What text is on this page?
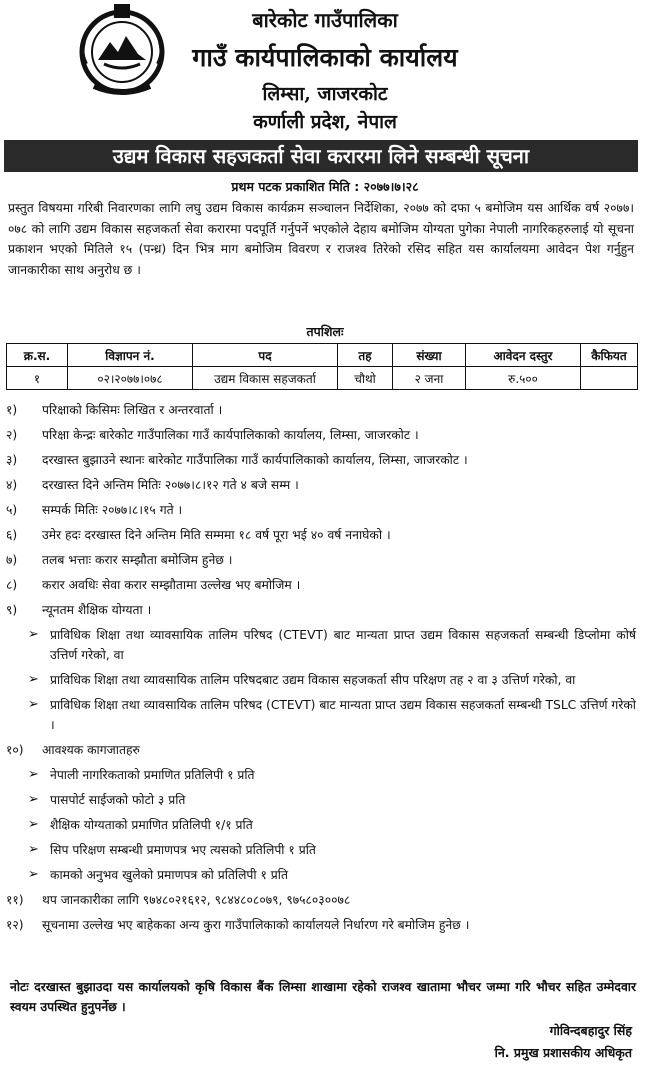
बारेकोट गाउँपालिका
गाउँ कार्यपालिकाको कार्यालय
लिम्सा, जाजरकोट
कर्णाली प्रदेश, नेपाल
उद्यम विकास सहजकर्ता सेवा करारमा लिने सम्बन्धी सूचना
प्रथम पटक प्रकाशित मिति : २०७७।७।२८
प्रस्तुत विषयमा गरिबी निवारणका लागि लघु उद्यम विकास कार्यक्रम सञ्चालन निर्देशिका, २०७७ को दफा ५ बमोजिम यस आर्थिक वर्ष २०७७।०७८ को लागि उद्यम विकास सहजकर्ता सेवा करारमा पदपूर्ति गर्नुपर्ने भएकोले देहाय बमोजिम योग्यता पुगेका नेपाली नागरिकहरुलाई यो सूचना प्रकाशन भएको मितिले १५ (पन्ध्र) दिन भित्र माग बमोजिम विवरण र राजश्व तिरेको रसिद सहित यस कार्यालयमा आवेदन पेश गर्नुहुन जानकारीका साथ अनुरोध छ ।
तपशिलः
क्र.स.	विज्ञापन नं.	पद	तह	संख्या	आवेदन दस्तुर	कैफियत
१	०२।२०७७।०७८	उद्यम विकास सहजकर्ता	चौथो	२ जना	रु.५००	
१)	परिक्षाको किसिमः लिखित र अन्तरवार्ता ।
२)	परिक्षा केन्द्रः बारेकोट गाउँपालिका गाउँ कार्यपालिकाको कार्यालय, लिम्सा, जाजरकोट ।
३)	दरखास्त बुझाउने स्थानः बारेकोट गाउँपालिका गाउँ कार्यपालिकाको कार्यालय, लिम्सा, जाजरकोट ।
४)	दरखास्त दिने अन्तिम मितिः २०७७।८।१२ गते ४ बजे सम्म ।
५)	सम्पर्क मितिः २०७७।८।१५ गते ।
६)	उमेर हदः दरखास्त दिने अन्तिम मिति सम्ममा १८ वर्ष पूरा भई ४० वर्ष ननाघेको ।
७)	तलब भत्ताः करार सम्झौता बमोजिम हुनेछ ।
८)	करार अवधिः सेवा करार सम्झौतामा उल्लेख भए बमोजिम ।
९)	न्यूनतम शैक्षिक योग्यता ।
➢ प्राविधिक शिक्षा तथा व्यावसायिक तालिम परिषद (CTEVT) बाट मान्यता प्राप्त उद्यम विकास सहजकर्ता सम्बन्धी डिप्लोमा कोर्ष उत्तिर्ण गरेको, वा
➢ प्राविधिक शिक्षा तथा व्यावसायिक तालिम परिषदबाट उद्यम विकास सहजकर्ता सीप परिक्षण तह २ वा ३ उत्तिर्ण गरेको, वा
➢ प्राविधिक शिक्षा तथा व्यावसायिक तालिम परिषद (CTEVT) बाट मान्यता प्राप्त उद्यम विकास सहजकर्ता सम्बन्धी TSLC उत्तिर्ण गरेको ।
१०)	आवश्यक कागजातहरु
➢ नेपाली नागरिकताको प्रमाणित प्रतिलिपी १ प्रति
➢ पासपोर्ट साईजको फोटो ३ प्रति
➢ शैक्षिक योग्यताको प्रमाणित प्रतिलिपी १/१ प्रति
➢ सिप परिक्षण सम्बन्धी प्रमाणपत्र भए त्यसको प्रतिलिपी १ प्रति
➢ कामको अनुभव खुलेको प्रमाणपत्र को प्रतिलिपी १ प्रति
११)	थप जानकारीका लागि ९७४८०२१६१२, ९८४४८०८०७९, ९७५८०३००७८
१२)	सूचनामा उल्लेख भए बाहेकका अन्य कुरा गाउँपालिकाको कार्यालयले निर्धारण गरे बमोजिम हुनेछ ।
नोटः दरखास्त बुझाउदा यस कार्यालयको कृषि विकास बैंक लिम्सा शाखामा रहेको राजश्व खातामा भौचर जम्मा गरि भौचर सहित उम्मेदवार स्वयम उपस्थित हुनुपर्नेछ ।
गोविन्दबहादुर सिंह
नि. प्रमुख प्रशासकीय अधिकृत
